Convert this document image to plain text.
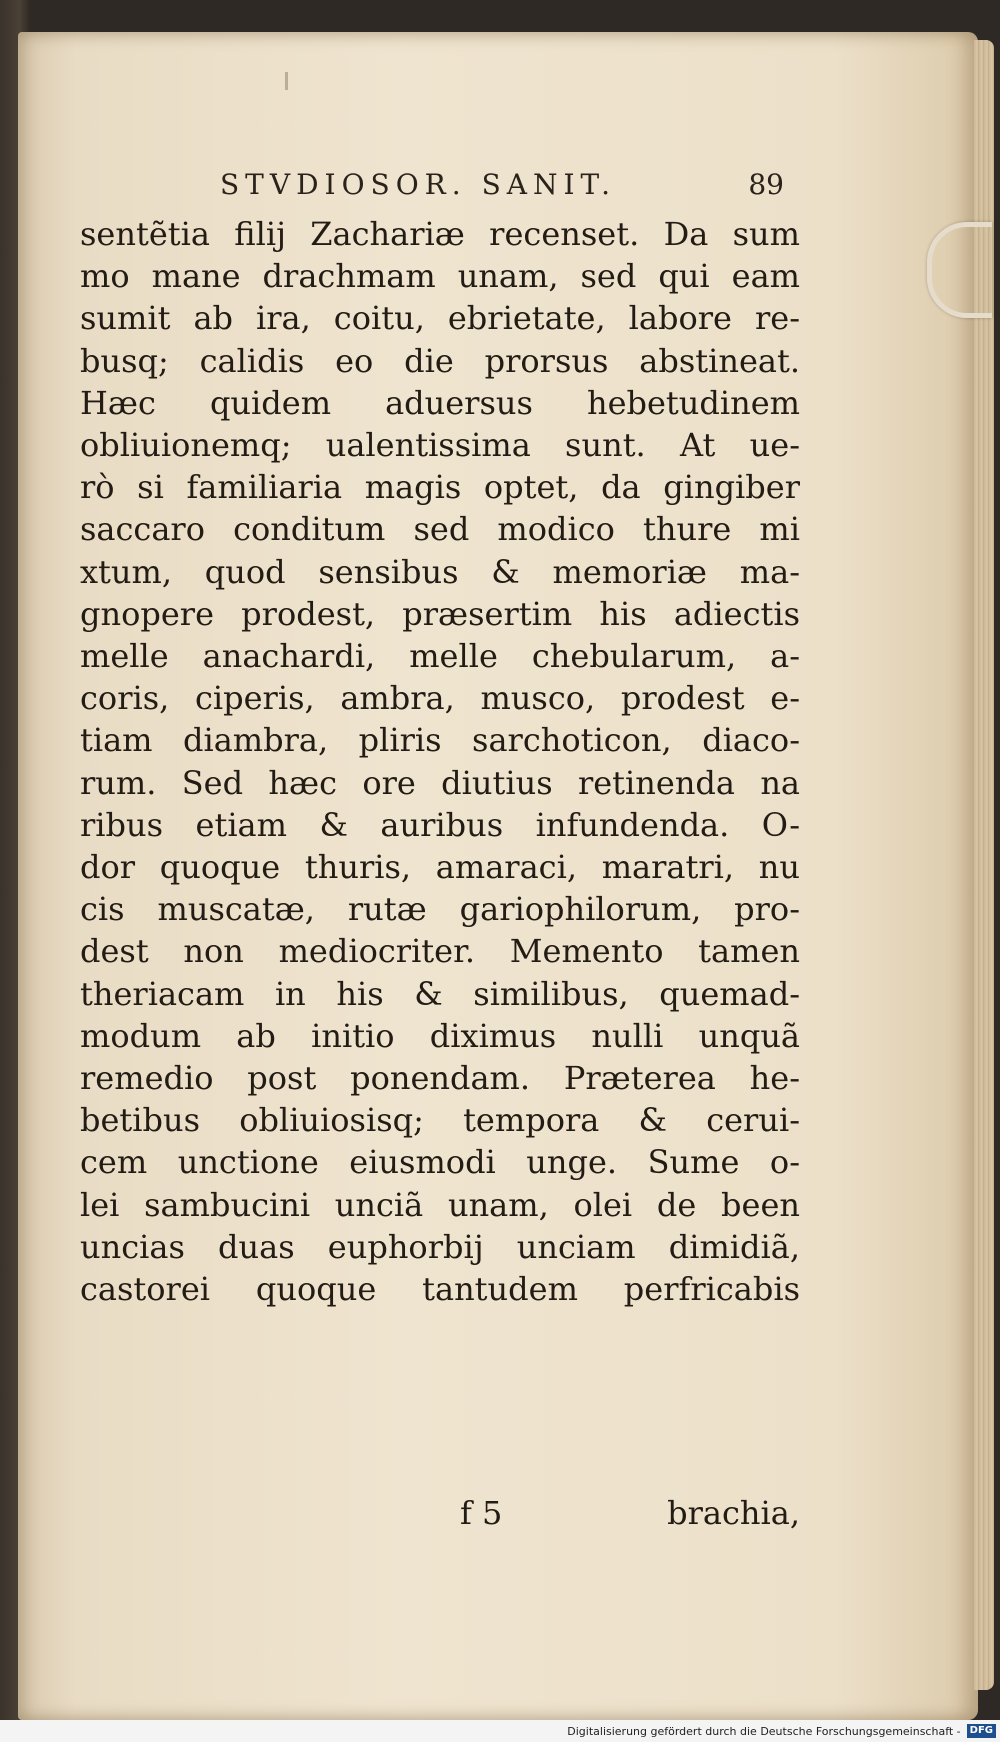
STVDIOSOR. SANIT.	89
sentẽtia filij Zachariæ recenset. Da sum
mo mane drachmam unam, sed qui eam
sumit ab ira, coitu, ebrietate, labore re-
busq; calidis eo die prorsus abstineat.
Hæc quidem aduersus hebetudinem
obliuionemq; ualentissima sunt. At ue-
rò si familiaria magis optet, da gingiber
saccaro conditum sed modico thure mi
xtum, quod sensibus & memoriæ ma-
gnopere prodest, præsertim his adiectis
melle anachardi, melle chebularum, a-
coris, ciperis, ambra, musco, prodest e-
tiam diambra, pliris sarchoticon, diaco-
rum. Sed hæc ore diutius retinenda na
ribus etiam & auribus infundenda. O-
dor quoque thuris, amaraci, maratri, nu
cis muscatæ, rutæ gariophilorum, pro-
dest non mediocriter. Memento tamen
theriacam in his & similibus, quemad-
modum ab initio diximus nulli unquã
remedio post ponendam. Præterea he-
betibus obliuiosisq; tempora & cerui-
cem unctione eiusmodi unge. Sume o-
lei sambucini unciã unam, olei de been
uncias duas euphorbij unciam dimidiã,
castorei quoque tantudem perfricabis
f 5	brachia,
Digitalisierung gefördert durch die Deutsche Forschungsgemeinschaft - DFG
